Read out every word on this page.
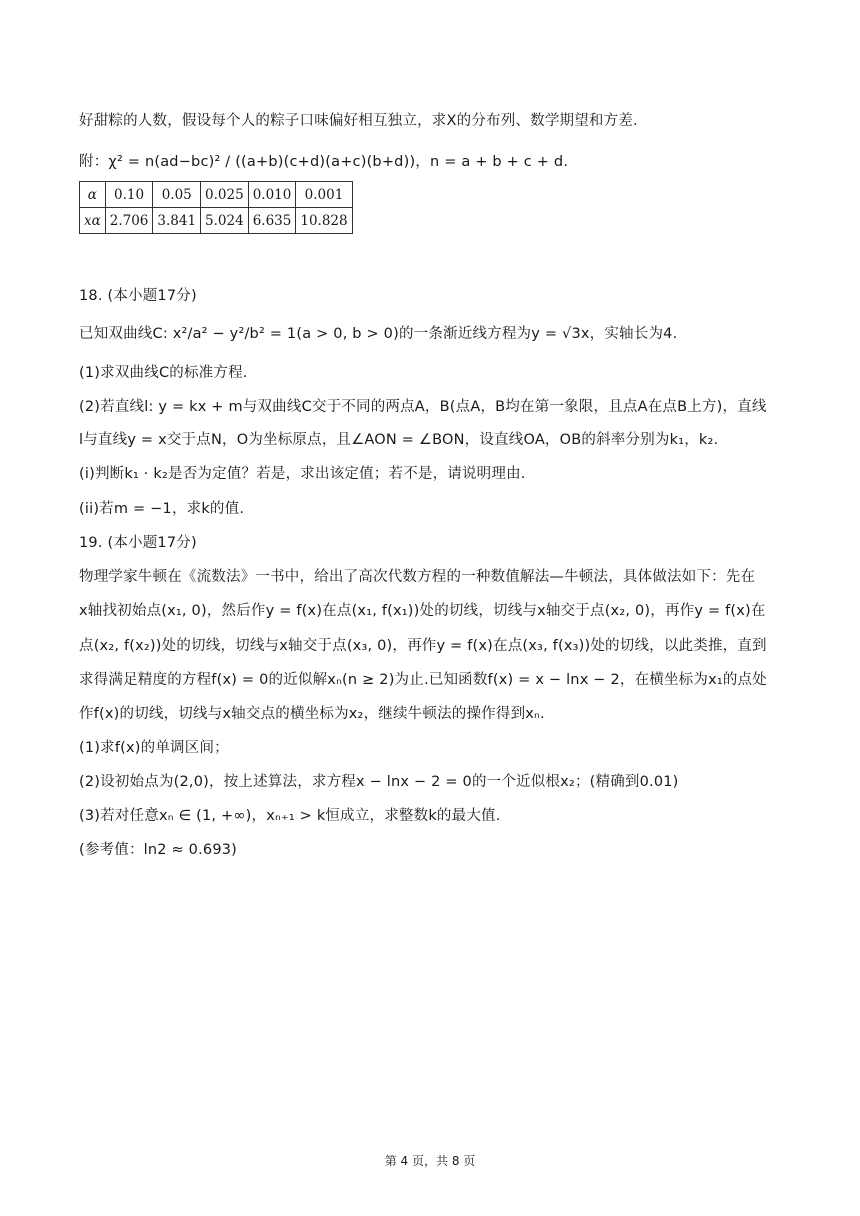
好甜粽的人数，假设每个人的粽子口味偏好相互独立，求X的分布列、数学期望和方差.
附：χ² = n(ad−bc)² / ((a+b)(c+d)(a+c)(b+d))，n = a + b + c + d.
α	0.10	0.05	0.025	0.010	0.001
xα	2.706	3.841	5.024	6.635	10.828
18. (本小题17分)
已知双曲线C: x²/a² − y²/b² = 1(a > 0, b > 0)的一条渐近线方程为y = √3x，实轴长为4.
(1)求双曲线C的标准方程.
(2)若直线l: y = kx + m与双曲线C交于不同的两点A，B(点A，B均在第一象限，且点A在点B上方)，直线
l与直线y = x交于点N，O为坐标原点，且∠AON = ∠BON，设直线OA，OB的斜率分别为k₁，k₂.
(i)判断k₁ · k₂是否为定值？若是，求出该定值；若不是，请说明理由.
(ii)若m = −1，求k的值.
19. (本小题17分)
物理学家牛顿在《流数法》一书中，给出了高次代数方程的一种数值解法—牛顿法，具体做法如下：先在
x轴找初始点(x₁, 0)，然后作y = f(x)在点(x₁, f(x₁))处的切线，切线与x轴交于点(x₂, 0)，再作y = f(x)在
点(x₂, f(x₂))处的切线，切线与x轴交于点(x₃, 0)，再作y = f(x)在点(x₃, f(x₃))处的切线，以此类推，直到
求得满足精度的方程f(x) = 0的近似解xₙ(n ≥ 2)为止.已知函数f(x) = x − lnx − 2，在横坐标为x₁的点处
作f(x)的切线，切线与x轴交点的横坐标为x₂，继续牛顿法的操作得到xₙ.
(1)求f(x)的单调区间；
(2)设初始点为(2,0)，按上述算法，求方程x − lnx − 2 = 0的一个近似根x₂；(精确到0.01)
(3)若对任意xₙ ∈ (1, +∞)，xₙ₊₁ > k恒成立，求整数k的最大值.
(参考值：ln2 ≈ 0.693)
第 4 页，共 8 页
